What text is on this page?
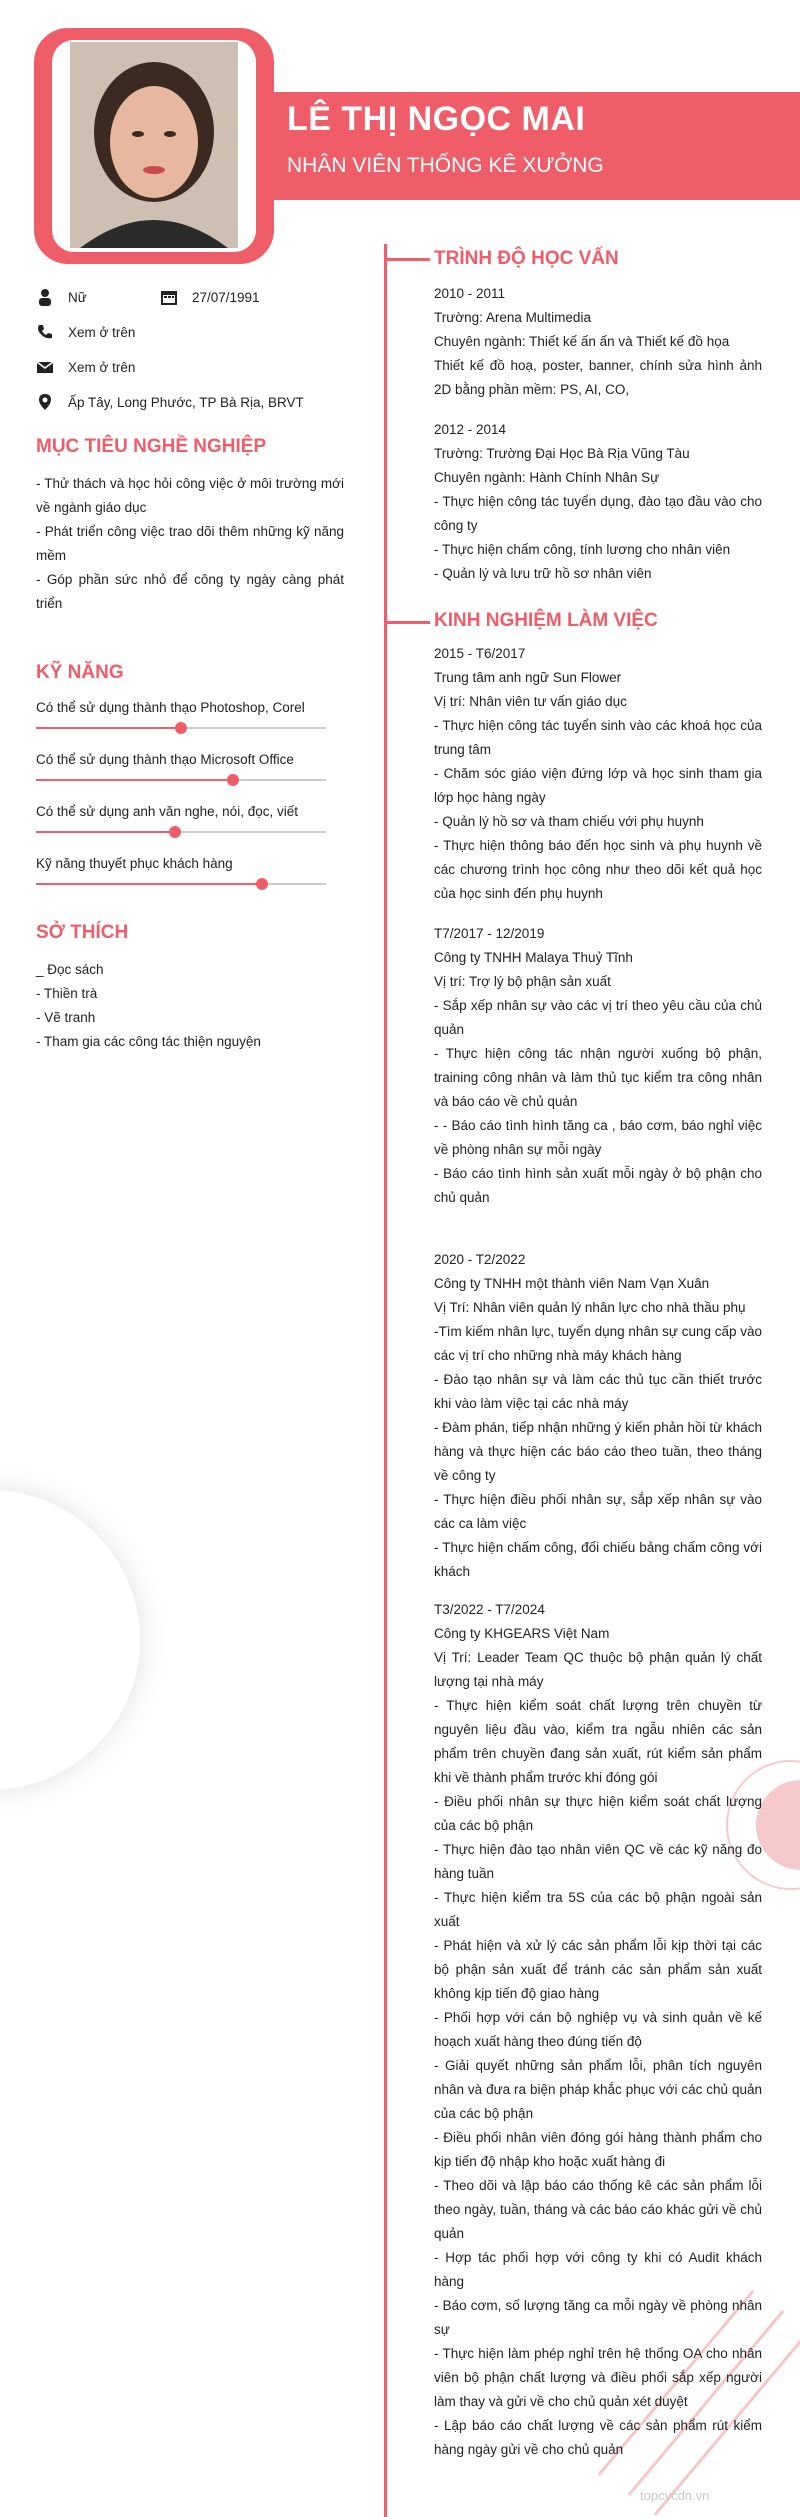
LÊ THỊ NGỌC MAI
NHÂN VIÊN THỐNG KÊ XƯỞNG
Nữ	27/07/1991
Xem ở trên
Xem ở trên
Ấp Tây, Long Phước, TP Bà Rịa, BRVT
MỤC TIÊU NGHỀ NGHIỆP

- Thử thách và học hỏi công việc ở môi trường mới về ngành giáo dục

- Phát triển công việc trao dõi thêm những kỹ năng mềm

- Góp phần sức nhỏ để công ty ngày càng phát triển

KỸ NĂNG
Có thể sử dụng thành thạo Photoshop, Corel
Có thể sử dụng thành thạo Microsoft Office
Có thể sử dụng anh văn nghe, nói, đọc, viết
Kỹ năng thuyết phục khách hàng
SỞ THÍCH

_ Đọc sách

- Thiền trà

- Vẽ tranh

- Tham gia các công tác thiện nguyện

TRÌNH ĐỘ HỌC VẤN

2010 - 2011

Trường: Arena Multimedia

Chuyên ngành: Thiết kế ấn ấn và Thiết kế đồ họa

Thiết kế đồ hoạ, poster, banner, chính sửa hình ảnh 2D bằng phần mềm: PS, AI, CO,

2012 - 2014

Trường: Trường Đại Học Bà Rịa Vũng Tàu

Chuyên ngành: Hành Chính Nhân Sự

- Thực hiện công tác tuyển dụng, đào tạo đầu vào cho công ty

- Thực hiện chấm công, tính lương cho nhân viên

- Quản lý và lưu trữ hồ sơ nhân viên

KINH NGHIỆM LÀM VIỆC

2015 - T6/2017

Trung tâm anh ngữ Sun Flower

Vị trí: Nhân viên tư vấn giáo dục

- Thực hiện công tác tuyển sinh vào các khoá học của trung tâm

- Chăm sóc giáo viện đứng lớp và học sinh tham gia lớp học hàng ngày

- Quản lý hồ sơ và tham chiếu với phụ huynh

- Thực hiện thông báo đến học sinh và phụ huynh về các chương trình học công như theo dõi kết quả học của học sinh đến phụ huynh

T7/2017 - 12/2019

Công ty TNHH Malaya Thuỷ Tĩnh

Vị trí: Trợ lý bộ phận sản xuất

- Sắp xếp nhân sự vào các vị trí theo yêu cầu của chủ quản

- Thực hiện công tác nhận người xuống bộ phận, training công nhân và làm thủ tục kiểm tra công nhân và báo cáo về chủ quản

- - Báo cáo tình hình tăng ca , báo cơm, báo nghỉ việc về phòng nhân sự mỗi ngày

- Báo cáo tình hình sản xuất mỗi ngày ở bộ phận cho chủ quản

2020 - T2/2022

Công ty TNHH một thành viên Nam Vạn Xuân

Vị Trí: Nhân viên quản lý nhân lực cho nhà thầu phụ

-Tìm kiếm nhân lực, tuyển dụng nhân sự cung cấp vào các vị trí cho những nhà máy khách hàng

- Đào tạo nhân sự và làm các thủ tục cần thiết trước khi vào làm việc tại các nhà máy

- Đàm phán, tiếp nhận những ý kiến phản hồi từ khách hàng và thực hiện các báo cáo theo tuần, theo tháng về công ty

- Thực hiện điều phối nhân sự, sắp xếp nhân sự vào các ca làm việc

- Thực hiện chấm công, đối chiếu bảng chấm công với khách

T3/2022 - T7/2024

Công ty KHGEARS Việt Nam

Vị Trí: Leader Team QC thuộc bộ phận quản lý chất lượng tại nhà máy

- Thực hiện kiểm soát chất lượng trên chuyền từ nguyên liệu đầu vào, kiểm tra ngẫu nhiên các sản phẩm trên chuyền đang sản xuất, rút kiểm sản phẩm khi về thành phẩm trước khi đóng gói

- Điều phối nhân sự thực hiện kiểm soát chất lượng của các bộ phận

- Thực hiện đào tạo nhân viên QC về các kỹ năng đo hàng tuần

- Thực hiện kiểm tra 5S của các bộ phận ngoài sản xuất

- Phát hiện và xử lý các sản phẩm lỗi kịp thời tại các bộ phận sản xuất để tránh các sản phẩm sản xuất không kịp tiến độ giao hàng

- Phối hợp với cán bộ nghiệp vụ và sinh quản về kế hoạch xuất hàng theo đúng tiến độ

- Giải quyết những sản phẩm lỗi, phân tích nguyên nhân và đưa ra biện pháp khắc phục với các chủ quản của các bộ phận

- Điều phối nhân viên đóng gói hàng thành phẩm cho kịp tiến độ nhập kho hoặc xuất hàng đi

- Theo dõi và lập báo cáo thống kê các sản phẩm lỗi theo ngày, tuần, tháng và các báo cáo khác gửi về chủ quản

- Hợp tác phối hợp với công ty khi có Audit khách hàng

- Báo cơm, số lượng tăng ca mỗi ngày về phòng nhân sự

- Thực hiện làm phép nghỉ trên hệ thống OA cho nhân viên bộ phận chất lượng và điều phối sắp xếp người làm thay và gửi về cho chủ quản xét duyệt

- Lập báo cáo chất lượng về các sản phẩm rút kiểm hàng ngày gửi về cho chủ quản

topcvcdn.vn
